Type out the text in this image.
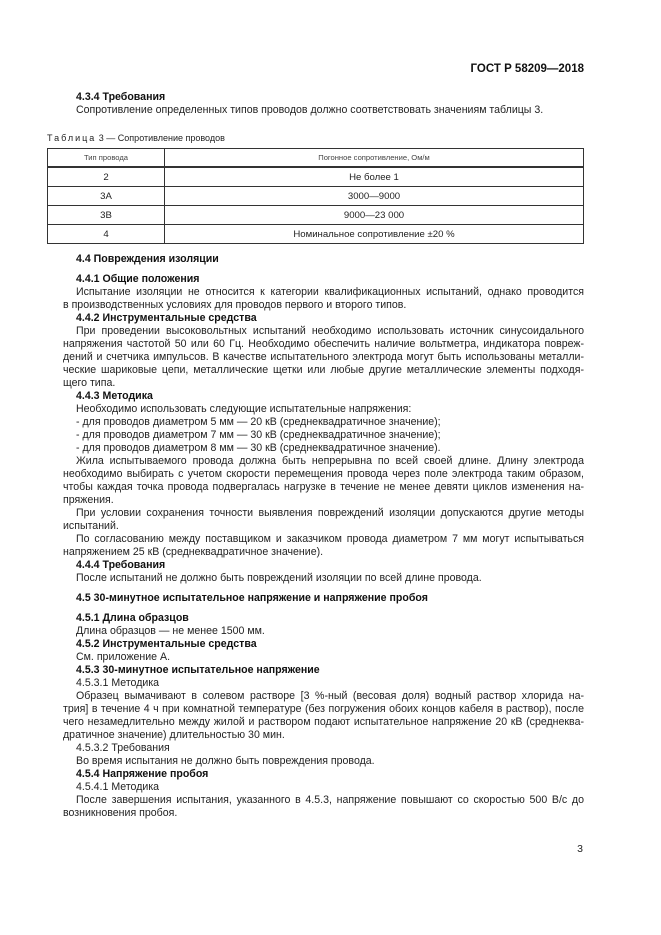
ГОСТ Р 58209—2018
4.3.4 Требования
Сопротивление определенных типов проводов должно соответствовать значениям таблицы 3.
Таблица 3 — Сопротивление проводов
Тип провода	Погонное сопротивление, Ом/м
2	Не более 1
3А	3000—9000
3В	9000—23 000
4	Номинальное сопротивление ±20 %
4.4 Повреждения изоляции
4.4.1 Общие положения
Испытание изоляции не относится к категории квалификационных испытаний, однако проводится
в производственных условиях для проводов первого и второго типов.
4.4.2 Инструментальные средства
При проведении высоковольтных испытаний необходимо использовать источник синусоидального
напряжения частотой 50 или 60 Гц. Необходимо обеспечить наличие вольтметра, индикатора повреж-
дений и счетчика импульсов. В качестве испытательного электрода могут быть использованы металли-
ческие шариковые цепи, металлические щетки или любые другие металлические элементы подходя-
щего типа.
4.4.3 Методика
Необходимо использовать следующие испытательные напряжения:
- для проводов диаметром 5 мм — 20 кВ (среднеквадратичное значение);
- для проводов диаметром 7 мм — 30 кВ (среднеквадратичное значение);
- для проводов диаметром 8 мм — 30 кВ (среднеквадратичное значение).
Жила испытываемого провода должна быть непрерывна по всей своей длине. Длину электрода
необходимо выбирать с учетом скорости перемещения провода через поле электрода таким образом,
чтобы каждая точка провода подвергалась нагрузке в течение не менее девяти циклов изменения на-
пряжения.
При условии сохранения точности выявления повреждений изоляции допускаются другие методы
испытаний.
По согласованию между поставщиком и заказчиком провода диаметром 7 мм могут испытываться
напряжением 25 кВ (среднеквадратичное значение).
4.4.4 Требования
После испытаний не должно быть повреждений изоляции по всей длине провода.
4.5 30-минутное испытательное напряжение и напряжение пробоя
4.5.1 Длина образцов
Длина образцов — не менее 1500 мм.
4.5.2 Инструментальные средства
См. приложение А.
4.5.3 30-минутное испытательное напряжение
4.5.3.1 Методика
Образец вымачивают в солевом растворе [3 %-ный (весовая доля) водный раствор хлорида на-
трия] в течение 4 ч при комнатной температуре (без погружения обоих концов кабеля в раствор), после
чего незамедлительно между жилой и раствором подают испытательное напряжение 20 кВ (среднеква-
дратичное значение) длительностью 30 мин.
4.5.3.2 Требования
Во время испытания не должно быть повреждения провода.
4.5.4 Напряжение пробоя
4.5.4.1 Методика
После завершения испытания, указанного в 4.5.3, напряжение повышают со скоростью 500 В/с до
возникновения пробоя.
3
